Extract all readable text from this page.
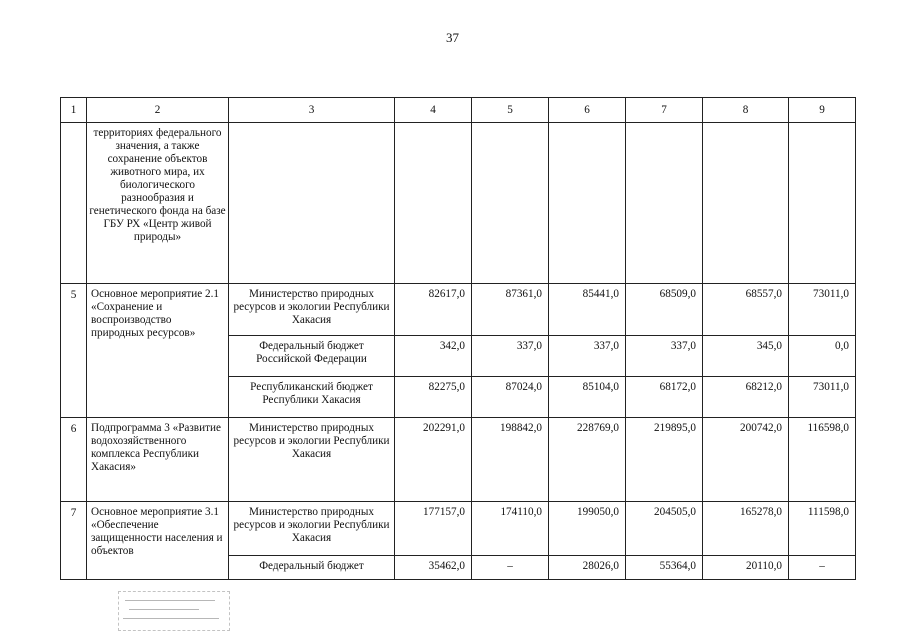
37
1	2	3	4	5	6	7	8	9
	территориях федерального значения, а также сохранение объектов животного мира, их биологического разнообразия и генетического фонда на базе ГБУ РХ «Центр живой природы»							
5	Основное мероприятие 2.1 «Сохранение и воспроизводство природных ресурсов»	Министерство природных ресурсов и экологии Республики Хакасия	82617,0	87361,0	85441,0	68509,0	68557,0	73011,0
		Федеральный бюджет Российской Федерации	342,0	337,0	337,0	337,0	345,0	0,0
		Республиканский бюджет Республики Хакасия	82275,0	87024,0	85104,0	68172,0	68212,0	73011,0
6	Подпрограмма 3 «Развитие водохозяйственного комплекса Республики Хакасия»	Министерство природных ресурсов и экологии Республики Хакасия	202291,0	198842,0	228769,0	219895,0	200742,0	116598,0
7	Основное мероприятие 3.1 «Обеспечение защищенности населения и объектов	Министерство природных ресурсов и экологии Республики Хакасия	177157,0	174110,0	199050,0	204505,0	165278,0	111598,0
		Федеральный бюджет	35462,0	–	28026,0	55364,0	20110,0	–
